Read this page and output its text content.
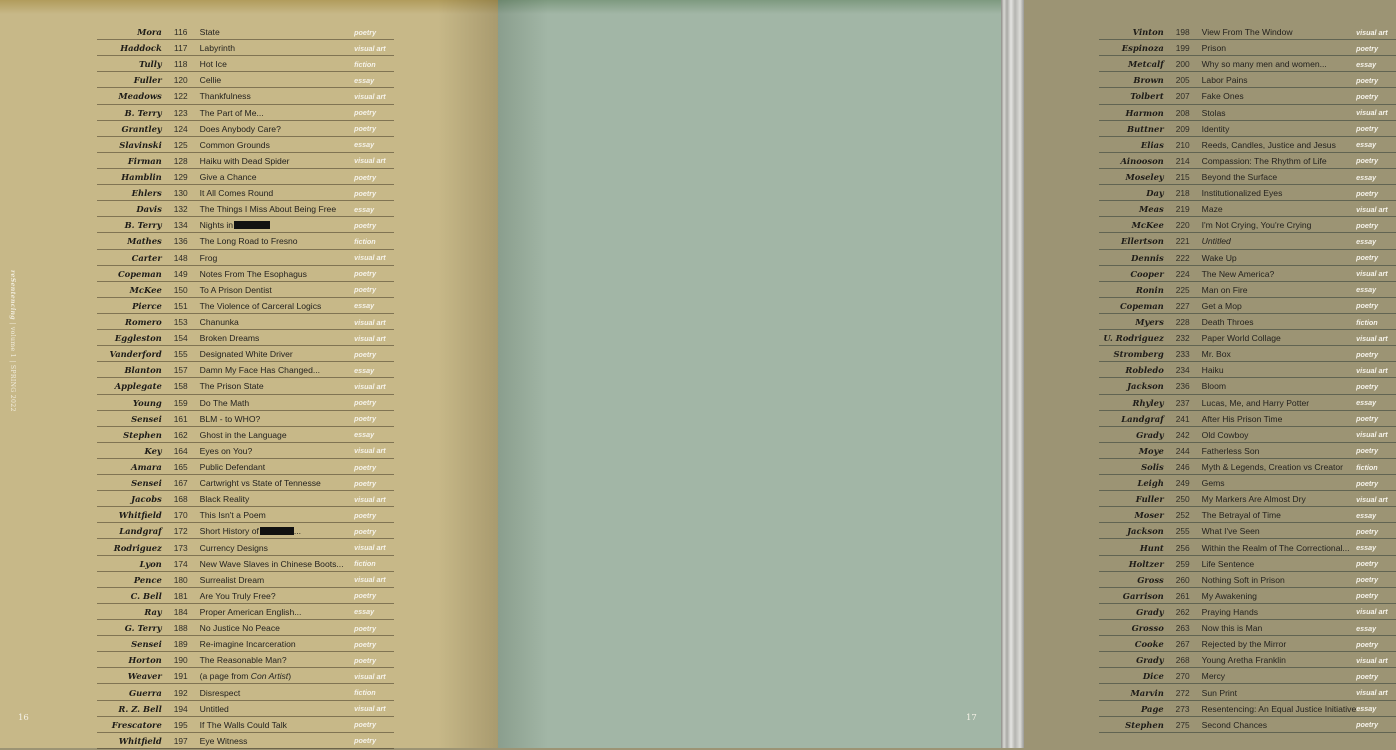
reSentencing | volume 1 | SPRING 2022
Mora	116	State	poetry
Haddock	117	Labyrinth	visual art
Tully	118	Hot Ice	fiction
Fuller	120	Cellie	essay
Meadows	122	Thankfulness	visual art
B. Terry	123	The Part of Me...	poetry
Grantley	124	Does Anybody Care?	poetry
Slavinski	125	Common Grounds	essay
Firman	128	Haiku with Dead Spider	visual art
Hamblin	129	Give a Chance	poetry
Ehlers	130	It All Comes Round	poetry
Davis	132	The Things I Miss About Being Free	essay
B. Terry	134	Nights in	poetry
Mathes	136	The Long Road to Fresno	fiction
Carter	148	Frog	visual art
Copeman	149	Notes From The Esophagus	poetry
McKee	150	To A Prison Dentist	poetry
Pierce	151	The Violence of Carceral Logics	essay
Romero	153	Chanunka	visual art
Eggleston	154	Broken Dreams	visual art
Vanderford	155	Designated White Driver	poetry
Blanton	157	Damn My Face Has Changed...	essay
Applegate	158	The Prison State	visual art
Young	159	Do The Math	poetry
Sensei	161	BLM - to WHO?	poetry
Stephen	162	Ghost in the Language	essay
Key	164	Eyes on You?	visual art
Amara	165	Public Defendant	poetry
Sensei	167	Cartwright vs State of Tennesse	poetry
Jacobs	168	Black Reality	visual art
Whitfield	170	This Isn't a Poem	poetry
Landgraf	172	Short History of	...	poetry
Rodriguez	173	Currency Designs	visual art
Lyon	174	New Wave Slaves in Chinese Boots...	fiction
Pence	180	Surrealist Dream	visual art
C. Bell	181	Are You Truly Free?	poetry
Ray	184	Proper American English...	essay
G. Terry	188	No Justice No Peace	poetry
Sensei	189	Re-imagine Incarceration	poetry
Horton	190	The Reasonable Man?	poetry
Weaver	191	(a page from Con Artist)	visual art
Guerra	192	Disrespect	fiction
R. Z. Bell	194	Untitled	visual art
Frescatore	195	If The Walls Could Talk	poetry
Whitfield	197	Eye Witness	poetry
16
Vinton	198	View From The Window	visual art
Espinoza	199	Prison	poetry
Metcalf	200	Why so many men and women...	essay
Brown	205	Labor Pains	poetry
Tolbert	207	Fake Ones	poetry
Harmon	208	Stolas	visual art
Buttner	209	Identity	poetry
Elias	210	Reeds, Candles, Justice and Jesus	essay
Ainooson	214	Compassion: The Rhythm of Life	poetry
Moseley	215	Beyond the Surface	essay
Day	218	Institutionalized Eyes	poetry
Meas	219	Maze	visual art
McKee	220	I'm Not Crying, You're Crying	poetry
Ellertson	221	Untitled	essay
Dennis	222	Wake Up	poetry
Cooper	224	The New America?	visual art
Ronin	225	Man on Fire	essay
Copeman	227	Get a Mop	poetry
Myers	228	Death Throes	fiction
U. Rodriguez	232	Paper World Collage	visual art
Stromberg	233	Mr. Box	poetry
Robledo	234	Haiku	visual art
Jackson	236	Bloom	poetry
Rhyley	237	Lucas, Me, and Harry Potter	essay
Landgraf	241	After His Prison Time	poetry
Grady	242	Old Cowboy	visual art
Moye	244	Fatherless Son	poetry
Solis	246	Myth & Legends, Creation vs Creator	fiction
Leigh	249	Gems	poetry
Fuller	250	My Markers Are Almost Dry	visual art
Moser	252	The Betrayal of Time	essay
Jackson	255	What I've Seen	poetry
Hunt	256	Within the Realm of The Correctional... essay
Holtzer	259	Life Sentence	poetry
Gross	260	Nothing Soft in Prison	poetry
Garrison	261	My Awakening	poetry
Grady	262	Praying Hands	visual art
Grosso	263	Now this is Man	essay
Cooke	267	Rejected by the Mirror	poetry
Grady	268	Young Aretha Franklin	visual art
Dice	270	Mercy	poetry
Marvin	272	Sun Print	visual art
Page	273	Resentencing: An Equal Justice Initiative essay
Stephen	275	Second Chances	poetry
17
